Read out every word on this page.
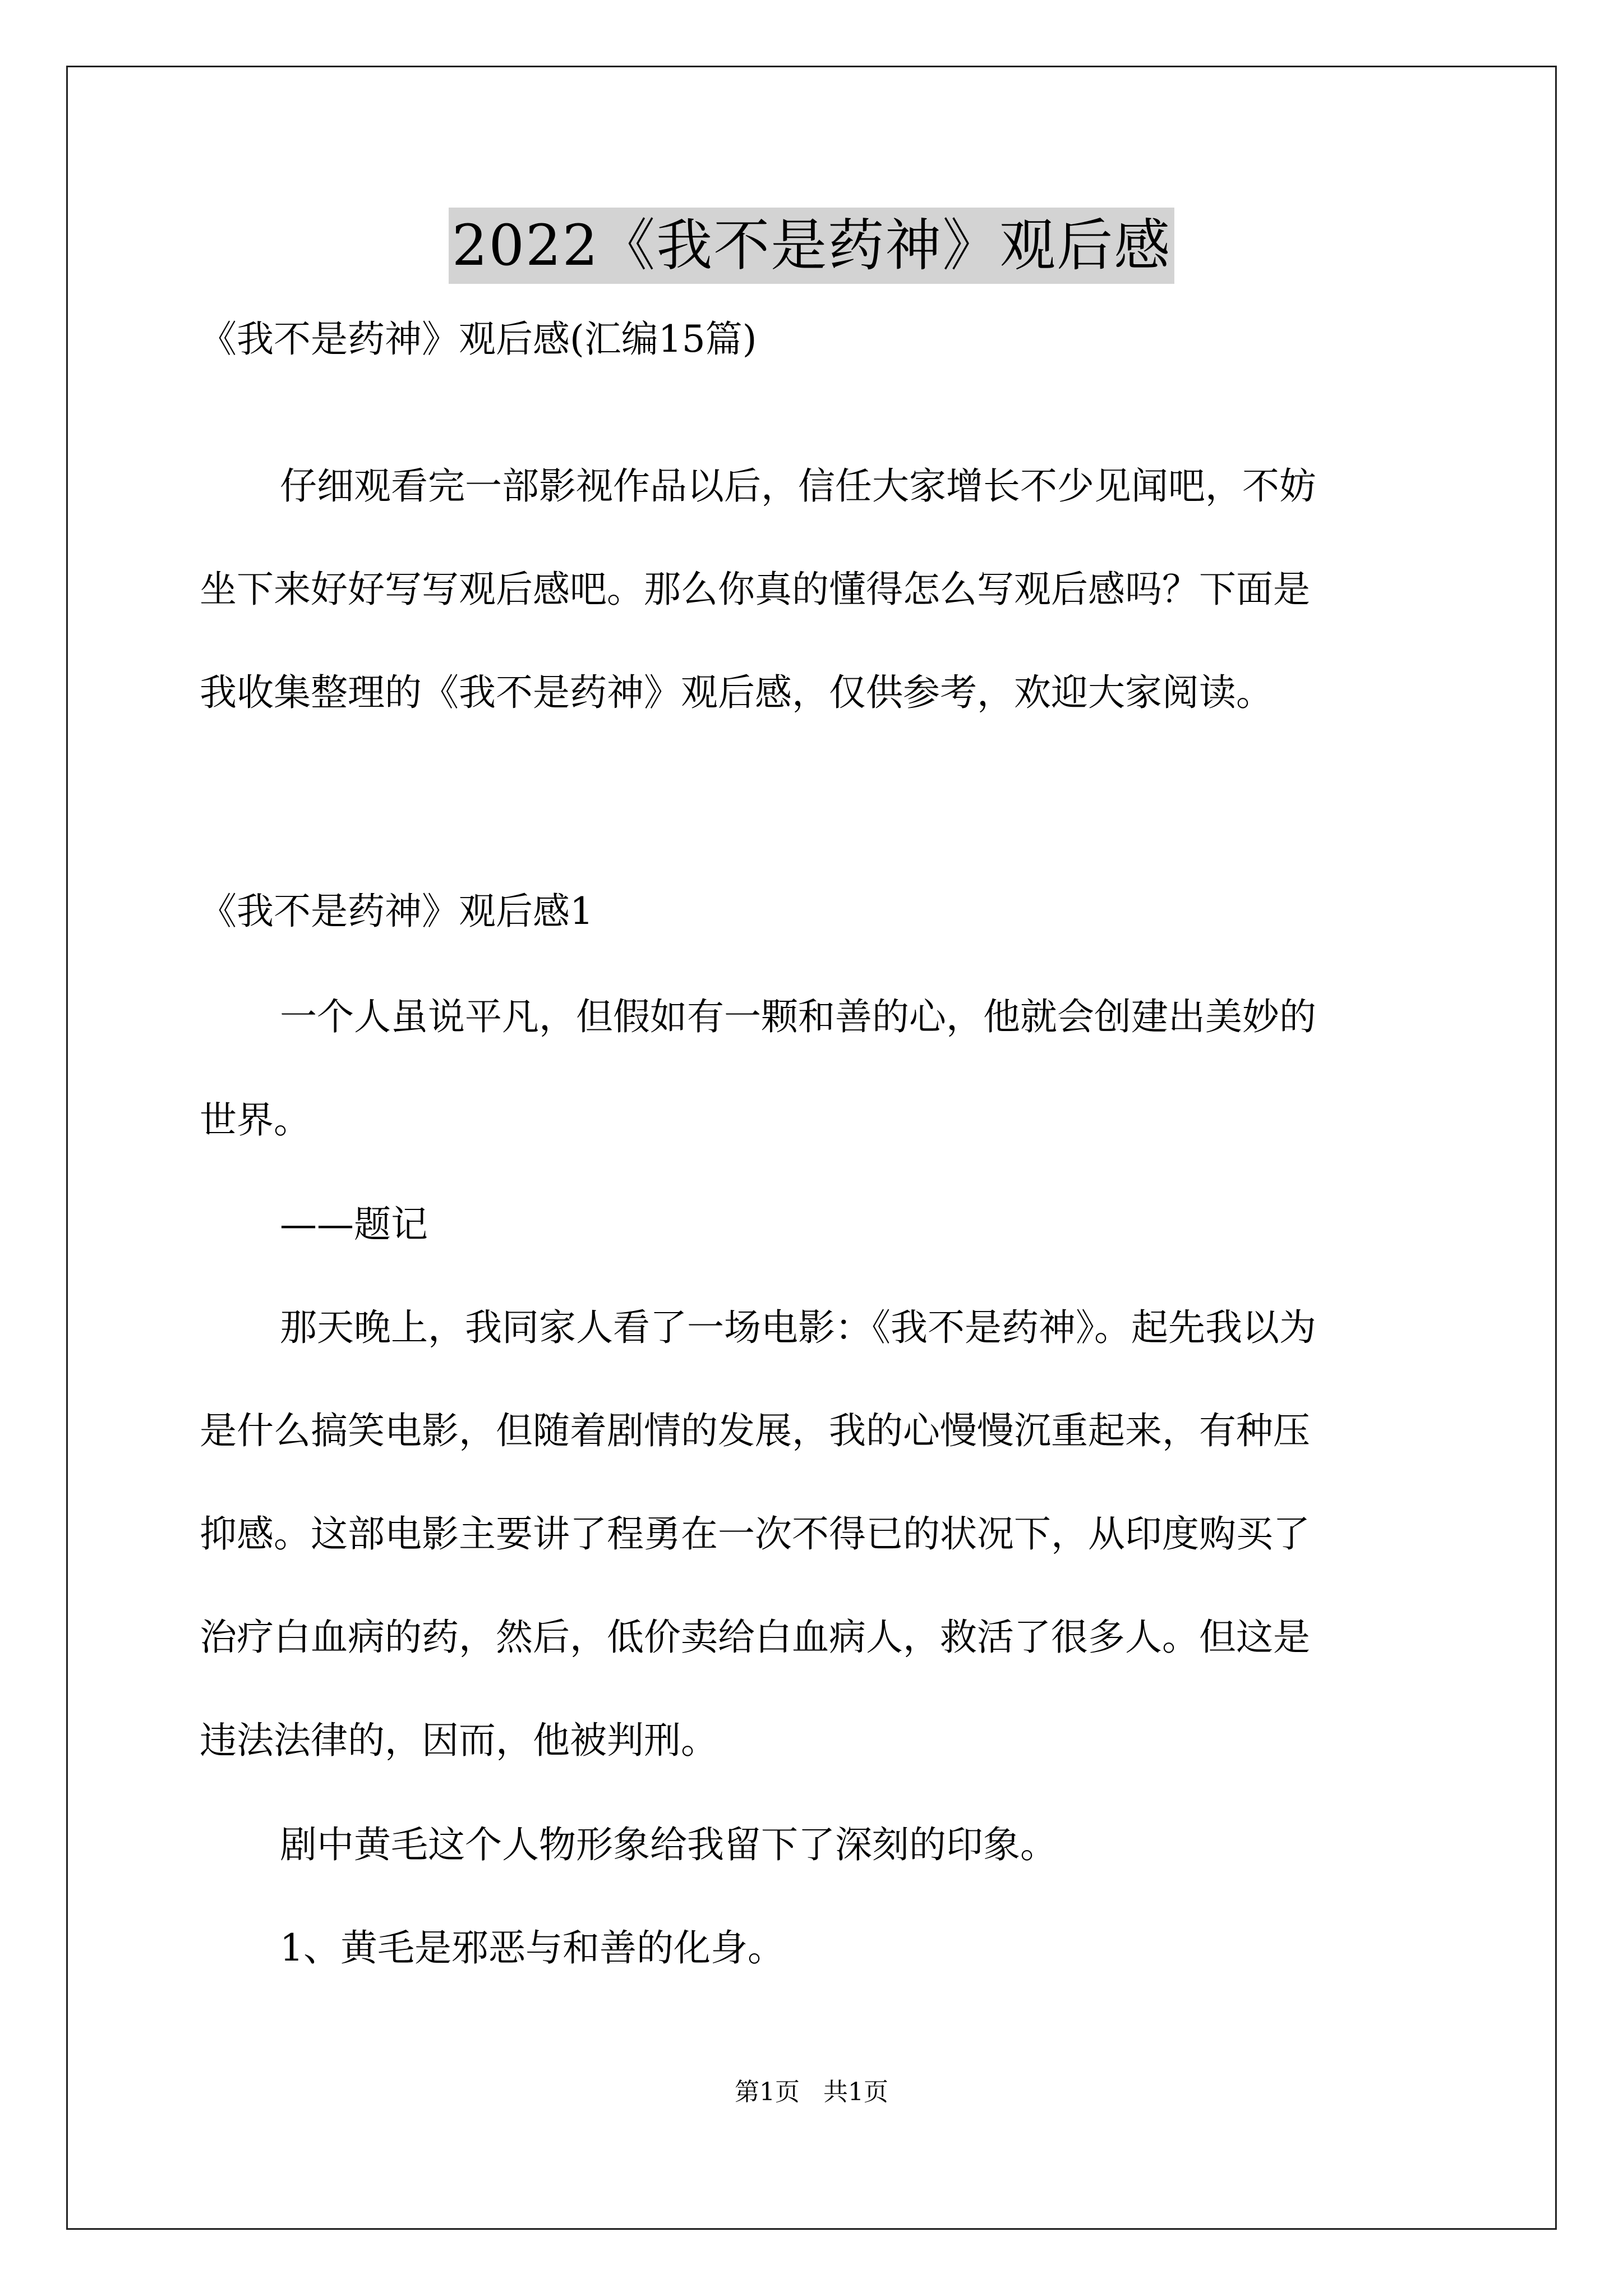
2022《我不是药神》观后感
《我不是药神》观后感(汇编15篇)
仔细观看完一部影视作品以后，信任大家增长不少见闻吧，不妨
坐下来好好写写观后感吧。那么你真的懂得怎么写观后感吗？下面是
我收集整理的《我不是药神》观后感，仅供参考，欢迎大家阅读。
《我不是药神》观后感1
一个人虽说平凡，但假如有一颗和善的心，他就会创建出美妙的
世界。
——题记
那天晚上，我同家人看了一场电影：《我不是药神》。起先我以为
是什么搞笑电影，但随着剧情的发展，我的心慢慢沉重起来，有种压
抑感。这部电影主要讲了程勇在一次不得已的状况下，从印度购买了
治疗白血病的药，然后，低价卖给白血病人，救活了很多人。但这是
违法法律的，因而，他被判刑。
剧中黄毛这个人物形象给我留下了深刻的印象。
1、黄毛是邪恶与和善的化身。
第1页 共1页
